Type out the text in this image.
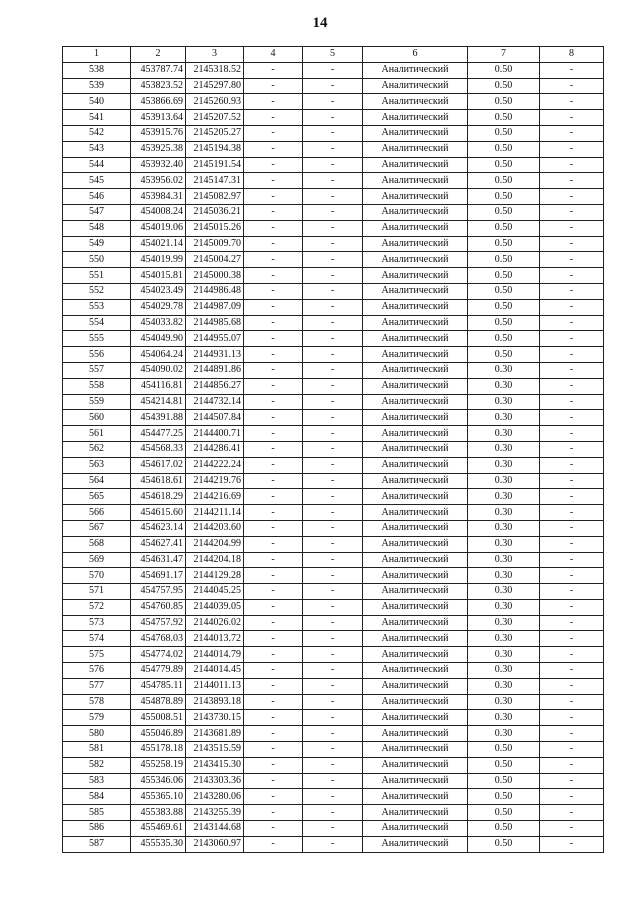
14
1	2	3	4	5	6	7	8
538	453787.74	2145318.52	-	-	Аналитический	0.50	-
539	453823.52	2145297.80	-	-	Аналитический	0.50	-
540	453866.69	2145260.93	-	-	Аналитический	0.50	-
541	453913.64	2145207.52	-	-	Аналитический	0.50	-
542	453915.76	2145205.27	-	-	Аналитический	0.50	-
543	453925.38	2145194.38	-	-	Аналитический	0.50	-
544	453932.40	2145191.54	-	-	Аналитический	0.50	-
545	453956.02	2145147.31	-	-	Аналитический	0.50	-
546	453984.31	2145082.97	-	-	Аналитический	0.50	-
547	454008.24	2145036.21	-	-	Аналитический	0.50	-
548	454019.06	2145015.26	-	-	Аналитический	0.50	-
549	454021.14	2145009.70	-	-	Аналитический	0.50	-
550	454019.99	2145004.27	-	-	Аналитический	0.50	-
551	454015.81	2145000.38	-	-	Аналитический	0.50	-
552	454023.49	2144986.48	-	-	Аналитический	0.50	-
553	454029.78	2144987.09	-	-	Аналитический	0.50	-
554	454033.82	2144985.68	-	-	Аналитический	0.50	-
555	454049.90	2144955.07	-	-	Аналитический	0.50	-
556	454064.24	2144931.13	-	-	Аналитический	0.50	-
557	454090.02	2144891.86	-	-	Аналитический	0.30	-
558	454116.81	2144856.27	-	-	Аналитический	0.30	-
559	454214.81	2144732.14	-	-	Аналитический	0.30	-
560	454391.88	2144507.84	-	-	Аналитический	0.30	-
561	454477.25	2144400.71	-	-	Аналитический	0.30	-
562	454568.33	2144286.41	-	-	Аналитический	0.30	-
563	454617.02	2144222.24	-	-	Аналитический	0.30	-
564	454618.61	2144219.76	-	-	Аналитический	0.30	-
565	454618.29	2144216.69	-	-	Аналитический	0.30	-
566	454615.60	2144211.14	-	-	Аналитический	0.30	-
567	454623.14	2144203.60	-	-	Аналитический	0.30	-
568	454627.41	2144204.99	-	-	Аналитический	0.30	-
569	454631.47	2144204.18	-	-	Аналитический	0.30	-
570	454691.17	2144129.28	-	-	Аналитический	0.30	-
571	454757.95	2144045.25	-	-	Аналитический	0.30	-
572	454760.85	2144039.05	-	-	Аналитический	0.30	-
573	454757.92	2144026.02	-	-	Аналитический	0.30	-
574	454768.03	2144013.72	-	-	Аналитический	0.30	-
575	454774.02	2144014.79	-	-	Аналитический	0.30	-
576	454779.89	2144014.45	-	-	Аналитический	0.30	-
577	454785.11	2144011.13	-	-	Аналитический	0.30	-
578	454878.89	2143893.18	-	-	Аналитический	0.30	-
579	455008.51	2143730.15	-	-	Аналитический	0.30	-
580	455046.89	2143681.89	-	-	Аналитический	0.30	-
581	455178.18	2143515.59	-	-	Аналитический	0.50	-
582	455258.19	2143415.30	-	-	Аналитический	0.50	-
583	455346.06	2143303.36	-	-	Аналитический	0.50	-
584	455365.10	2143280.06	-	-	Аналитический	0.50	-
585	455383.88	2143255.39	-	-	Аналитический	0.50	-
586	455469.61	2143144.68	-	-	Аналитический	0.50	-
587	455535.30	2143060.97	-	-	Аналитический	0.50	-
